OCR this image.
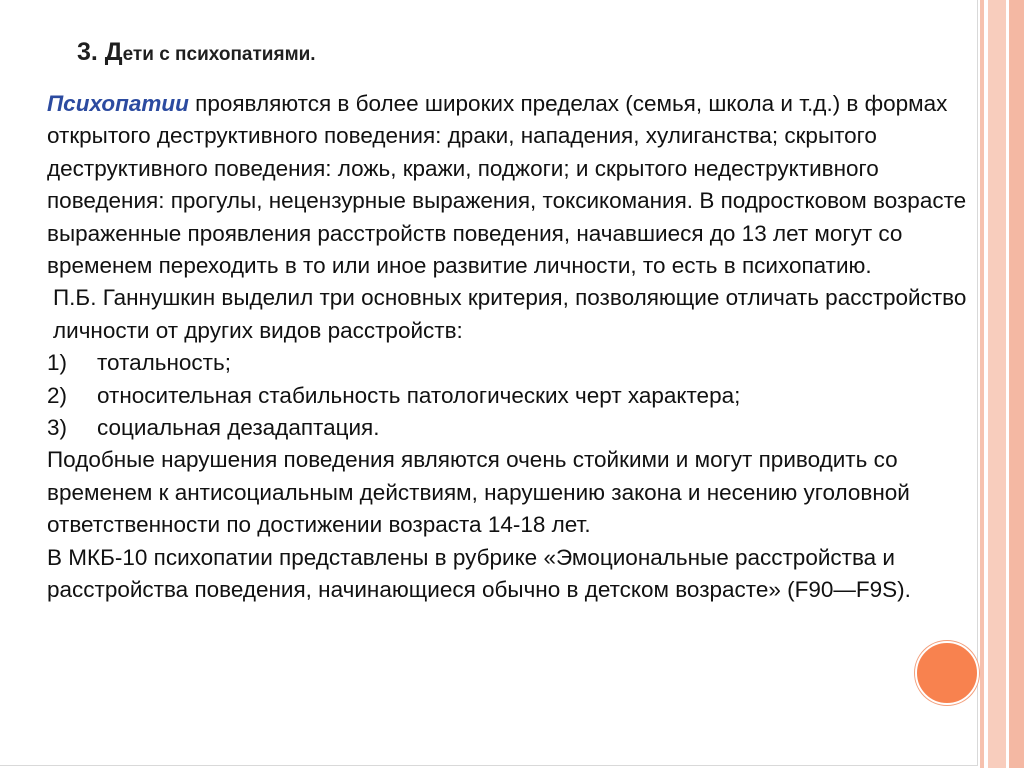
3. Дети с психопатиями.

Психопатии проявляются в более широких пределах (семья, школа и т.д.) в формах открытого деструктивного поведения: драки, нападения, хулиганства; скрытого деструктивного поведения: ложь, кражи, поджоги; и скрытого недеструктивного поведения: прогулы, нецензурные выражения, токсикомания. В подростковом возрасте выраженные проявления расстройств поведения, начавшиеся до 13 лет могут со временем переходить в то или иное развитие личности, то есть в психопатию.

П.Б. Ганнушкин выделил три основных критерия, позволяющие отличать расстройство личности от других видов расстройств:

1)	тотальность;
2)	относительная стабильность патологических черт характера;
3)	социальная дезадаптация.

Подобные нарушения поведения являются очень стойкими и могут приводить со временем к антисоциальным действиям, нарушению закона и несению уголовной ответственности по достижении возраста 14-18 лет.

В МКБ-10 психопатии представлены в рубрике «Эмоциональные расстройства и расстройства поведения, начинающиеся обычно в детском возрасте» (F90—F9S).
